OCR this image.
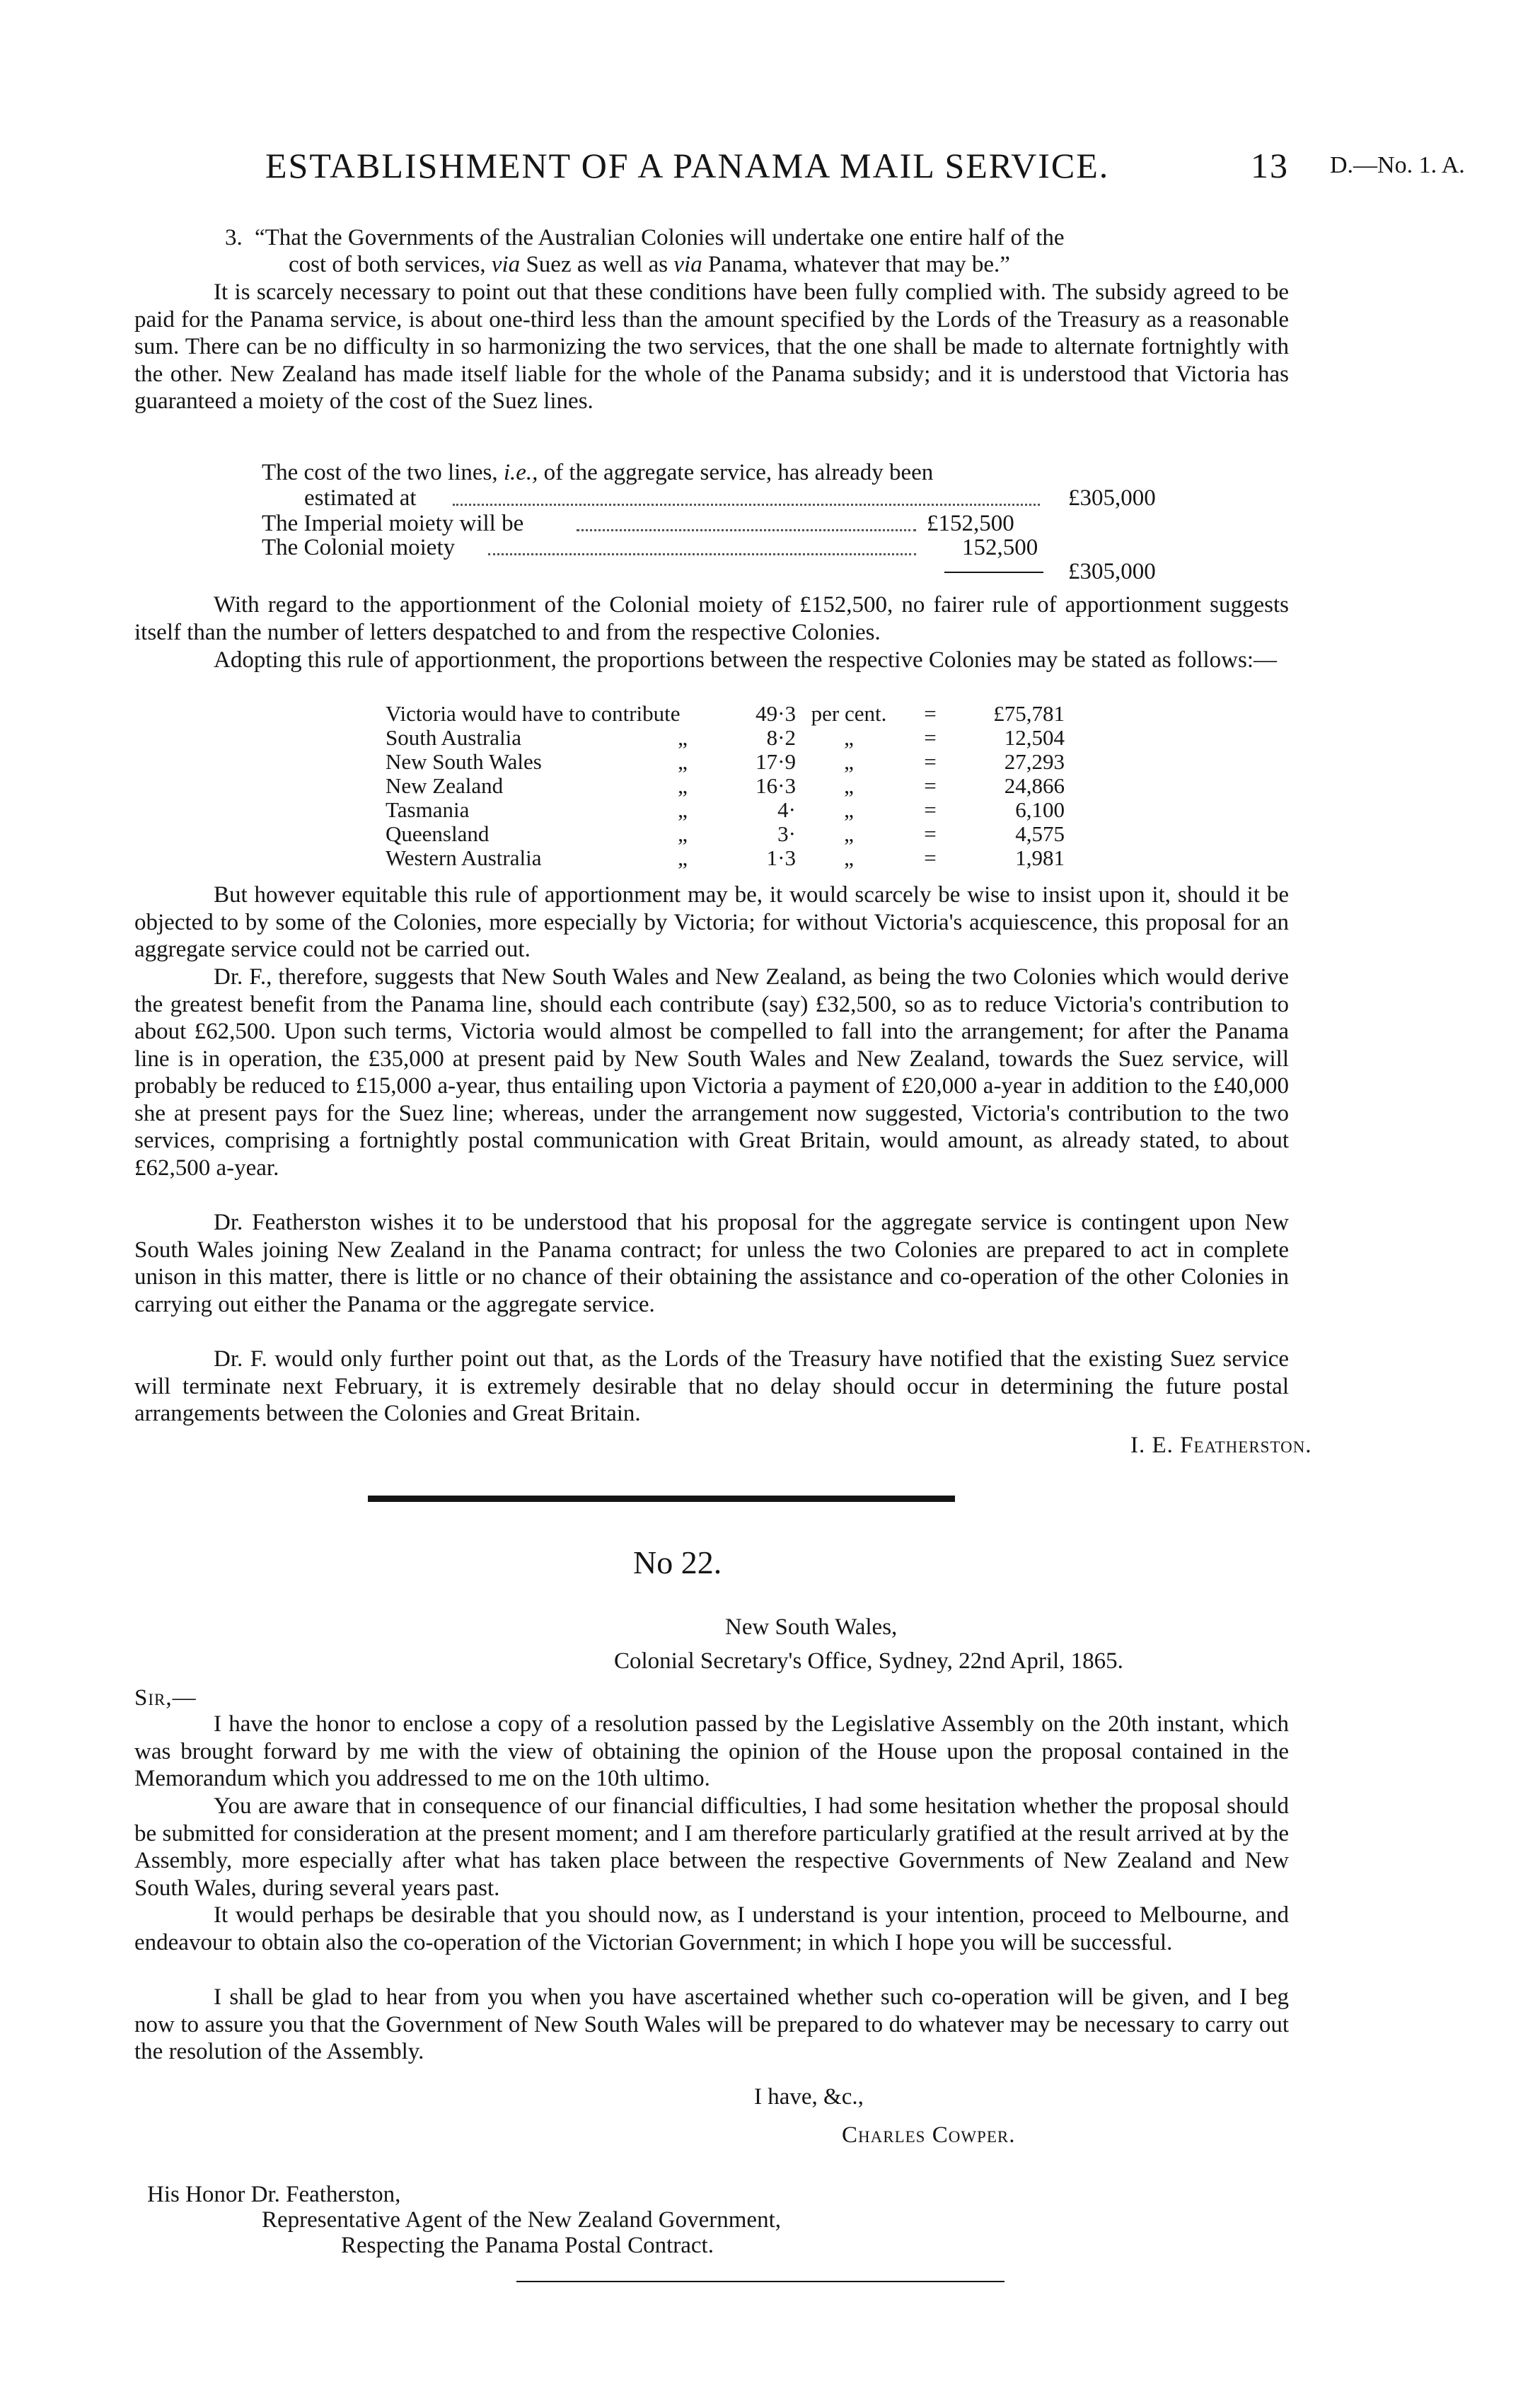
ESTABLISHMENT OF A PANAMA MAIL SERVICE.	13 D.—No. 1. A.
3. “That the Governments of the Australian Colonies will undertake one entire half of the
cost of both services, via Suez as well as via Panama, whatever that may be.”

It is scarcely necessary to point out that these conditions have been fully complied with. The subsidy agreed to be paid for the Panama service, is about one-third less than the amount specified by the Lords of the Treasury as a reasonable sum. There can be no difficulty in so harmonizing the two services, that the one shall be made to alternate fortnightly with the other. New Zealand has made itself liable for the whole of the Panama subsidy; and it is understood that Victoria has guaranteed a moiety of the cost of the Suez lines.

The cost of the two lines, i.e., of the aggregate service, has already been
estimated at	£305,000
The Imperial moiety will be	£152,500
The Colonial moiety	152,500
£305,000

With regard to the apportionment of the Colonial moiety of £152,500, no fairer rule of apportionment suggests itself than the number of letters despatched to and from the respective Colonies.

Adopting this rule of apportionment, the proportions between the respective Colonies may be stated as follows:—

Victoria would have to contribute		49·3	per cent.	=	£75,781
South Australia	„	8·2	„	=	12,504
New South Wales	„	17·9	„	=	27,293
New Zealand	„	16·3	„	=	24,866
Tasmania	„	4·	„	=	6,100
Queensland	„	3·	„	=	4,575
Western Australia	„	1·3	„	=	1,981

But however equitable this rule of apportionment may be, it would scarcely be wise to insist upon it, should it be objected to by some of the Colonies, more especially by Victoria; for without Victoria's acquiescence, this proposal for an aggregate service could not be carried out.

Dr. F., therefore, suggests that New South Wales and New Zealand, as being the two Colonies which would derive the greatest benefit from the Panama line, should each contribute (say) £32,500, so as to reduce Victoria's contribution to about £62,500. Upon such terms, Victoria would almost be compelled to fall into the arrangement; for after the Panama line is in operation, the £35,000 at present paid by New South Wales and New Zealand, towards the Suez service, will probably be reduced to £15,000 a-year, thus entailing upon Victoria a payment of £20,000 a-year in addition to the £40,000 she at present pays for the Suez line; whereas, under the arrangement now suggested, Victoria's contribution to the two services, comprising a fortnightly postal communication with Great Britain, would amount, as already stated, to about £62,500 a-year.

Dr. Featherston wishes it to be understood that his proposal for the aggregate service is contingent upon New South Wales joining New Zealand in the Panama contract; for unless the two Colonies are prepared to act in complete unison in this matter, there is little or no chance of their obtaining the assistance and co-operation of the other Colonies in carrying out either the Panama or the aggregate service.

Dr. F. would only further point out that, as the Lords of the Treasury have notified that the existing Suez service will terminate next February, it is extremely desirable that no delay should occur in determining the future postal arrangements between the Colonies and Great Britain.

I. E. Featherston.
No 22.
New South Wales,
Colonial Secretary's Office, Sydney, 22nd April, 1865.
Sir,—

I have the honor to enclose a copy of a resolution passed by the Legislative Assembly on the 20th instant, which was brought forward by me with the view of obtaining the opinion of the House upon the proposal contained in the Memorandum which you addressed to me on the 10th ultimo.

You are aware that in consequence of our financial difficulties, I had some hesitation whether the proposal should be submitted for consideration at the present moment; and I am therefore particularly gratified at the result arrived at by the Assembly, more especially after what has taken place between the respective Governments of New Zealand and New South Wales, during several years past.

It would perhaps be desirable that you should now, as I understand is your intention, proceed to Melbourne, and endeavour to obtain also the co-operation of the Victorian Government; in which I hope you will be successful.

I shall be glad to hear from you when you have ascertained whether such co-operation will be given, and I beg now to assure you that the Government of New South Wales will be prepared to do whatever may be necessary to carry out the resolution of the Assembly.

I have, &c.,
Charles Cowper.
His Honor Dr. Featherston,
Representative Agent of the New Zealand Government,
Respecting the Panama Postal Contract.
